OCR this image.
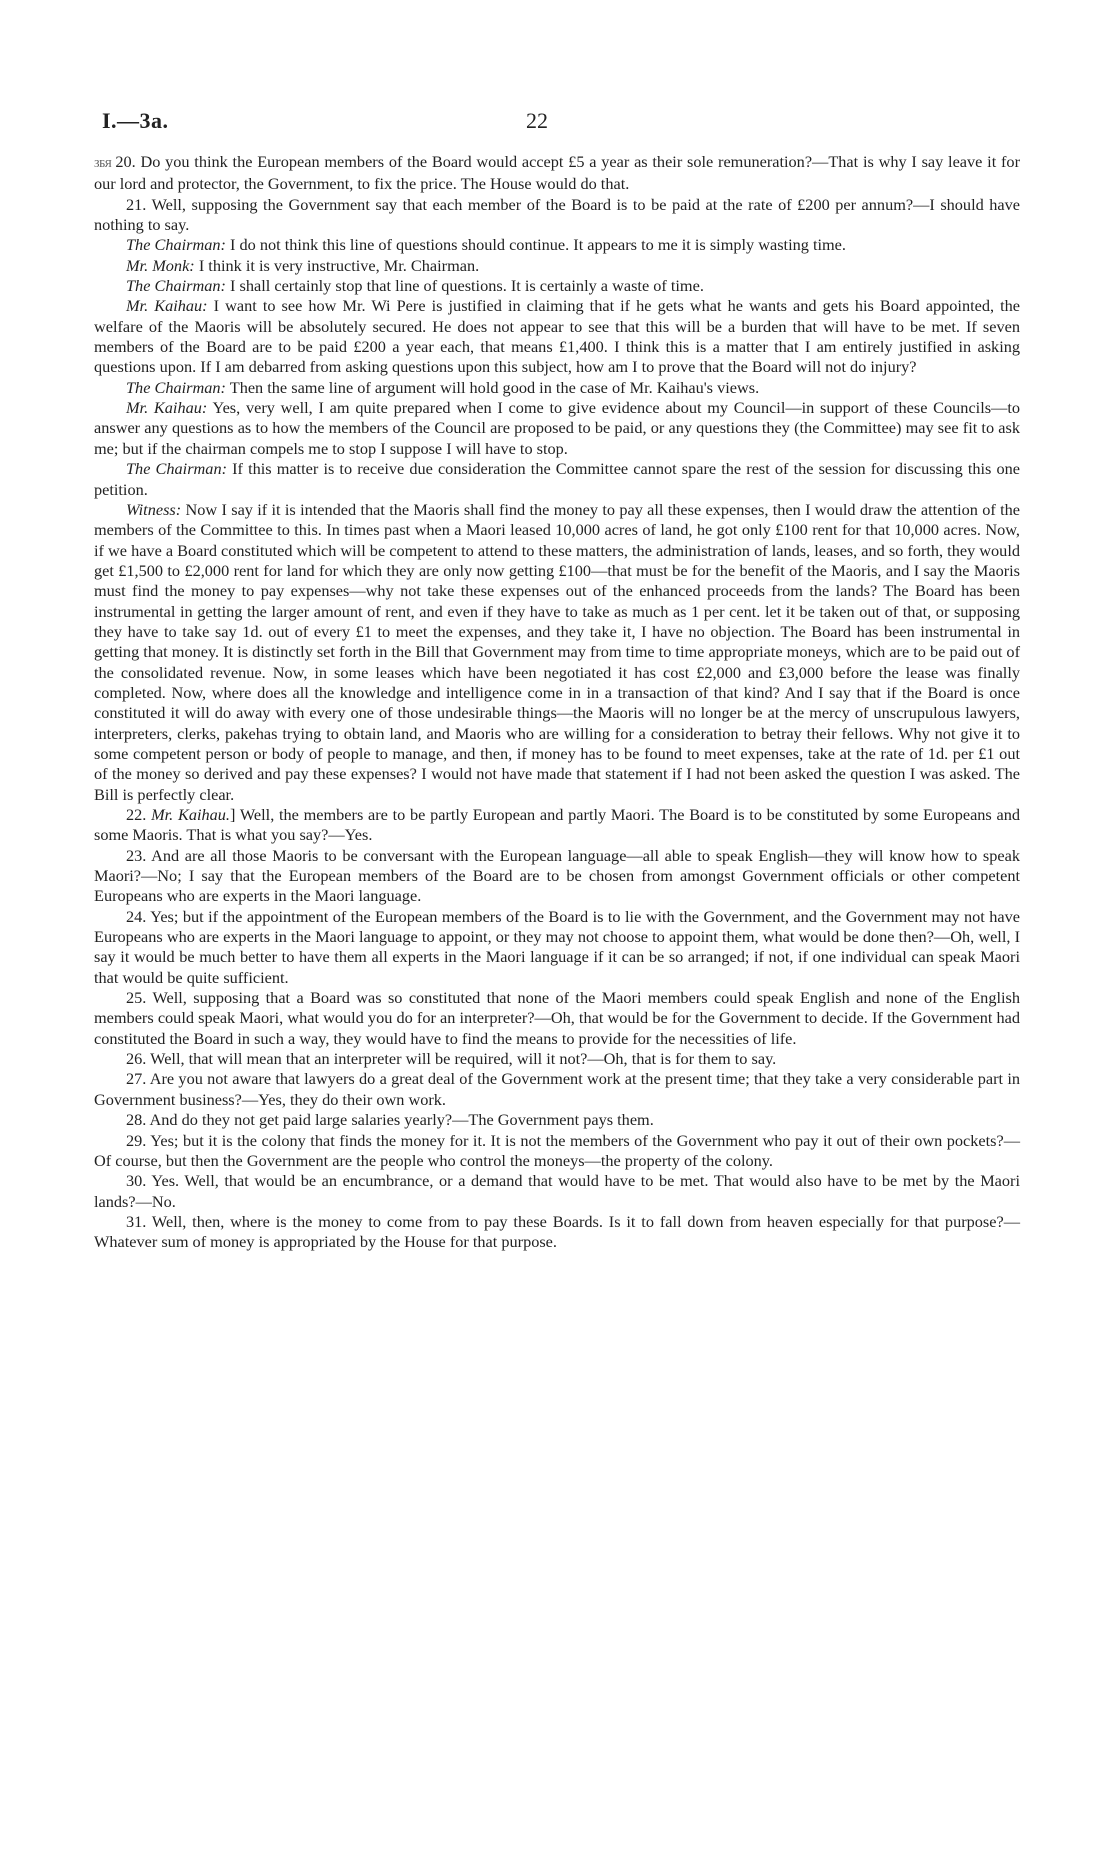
I.—3a.	22

ЗБЯ 20. Do you think the European members of the Board would accept £5 a year as their sole remuneration?—That is why I say leave it for our lord and protector, the Government, to fix the price. The House would do that.

21. Well, supposing the Government say that each member of the Board is to be paid at the rate of £200 per annum?—I should have nothing to say.

The Chairman: I do not think this line of questions should continue. It appears to me it is simply wasting time.

Mr. Monk: I think it is very instructive, Mr. Chairman.

The Chairman: I shall certainly stop that line of questions. It is certainly a waste of time.

Mr. Kaihau: I want to see how Mr. Wi Pere is justified in claiming that if he gets what he wants and gets his Board appointed, the welfare of the Maoris will be absolutely secured. He does not appear to see that this will be a burden that will have to be met. If seven members of the Board are to be paid £200 a year each, that means £1,400. I think this is a matter that I am entirely justified in asking questions upon. If I am debarred from asking questions upon this subject, how am I to prove that the Board will not do injury?

The Chairman: Then the same line of argument will hold good in the case of Mr. Kaihau's views.

Mr. Kaihau: Yes, very well, I am quite prepared when I come to give evidence about my Council—in support of these Councils—to answer any questions as to how the members of the Council are proposed to be paid, or any questions they (the Committee) may see fit to ask me; but if the chairman compels me to stop I suppose I will have to stop.

The Chairman: If this matter is to receive due consideration the Committee cannot spare the rest of the session for discussing this one petition.

Witness: Now I say if it is intended that the Maoris shall find the money to pay all these expenses, then I would draw the attention of the members of the Committee to this. In times past when a Maori leased 10,000 acres of land, he got only £100 rent for that 10,000 acres. Now, if we have a Board constituted which will be competent to attend to these matters, the administration of lands, leases, and so forth, they would get £1,500 to £2,000 rent for land for which they are only now getting £100—that must be for the benefit of the Maoris, and I say the Maoris must find the money to pay expenses—why not take these expenses out of the enhanced proceeds from the lands? The Board has been instrumental in getting the larger amount of rent, and even if they have to take as much as 1 per cent. let it be taken out of that, or supposing they have to take say 1d. out of every £1 to meet the expenses, and they take it, I have no objection. The Board has been instrumental in getting that money. It is distinctly set forth in the Bill that Government may from time to time appropriate moneys, which are to be paid out of the consolidated revenue. Now, in some leases which have been negotiated it has cost £2,000 and £3,000 before the lease was finally completed. Now, where does all the knowledge and intelligence come in in a transaction of that kind? And I say that if the Board is once constituted it will do away with every one of those undesirable things—the Maoris will no longer be at the mercy of unscrupulous lawyers, interpreters, clerks, pakehas trying to obtain land, and Maoris who are willing for a consideration to betray their fellows. Why not give it to some competent person or body of people to manage, and then, if money has to be found to meet expenses, take at the rate of 1d. per £1 out of the money so derived and pay these expenses? I would not have made that statement if I had not been asked the question I was asked. The Bill is perfectly clear.

22. Mr. Kaihau.] Well, the members are to be partly European and partly Maori. The Board is to be constituted by some Europeans and some Maoris. That is what you say?—Yes.

23. And are all those Maoris to be conversant with the European language—all able to speak English—they will know how to speak Maori?—No; I say that the European members of the Board are to be chosen from amongst Government officials or other competent Europeans who are experts in the Maori language.

24. Yes; but if the appointment of the European members of the Board is to lie with the Government, and the Government may not have Europeans who are experts in the Maori language to appoint, or they may not choose to appoint them, what would be done then?—Oh, well, I say it would be much better to have them all experts in the Maori language if it can be so arranged; if not, if one individual can speak Maori that would be quite sufficient.

25. Well, supposing that a Board was so constituted that none of the Maori members could speak English and none of the English members could speak Maori, what would you do for an interpreter?—Oh, that would be for the Government to decide. If the Government had constituted the Board in such a way, they would have to find the means to provide for the necessities of life.

26. Well, that will mean that an interpreter will be required, will it not?—Oh, that is for them to say.

27. Are you not aware that lawyers do a great deal of the Government work at the present time; that they take a very considerable part in Government business?—Yes, they do their own work.

28. And do they not get paid large salaries yearly?—The Government pays them.

29. Yes; but it is the colony that finds the money for it. It is not the members of the Government who pay it out of their own pockets?—Of course, but then the Government are the people who control the moneys—the property of the colony.

30. Yes. Well, that would be an encumbrance, or a demand that would have to be met. That would also have to be met by the Maori lands?—No.

31. Well, then, where is the money to come from to pay these Boards. Is it to fall down from heaven especially for that purpose?—Whatever sum of money is appropriated by the House for that purpose.
